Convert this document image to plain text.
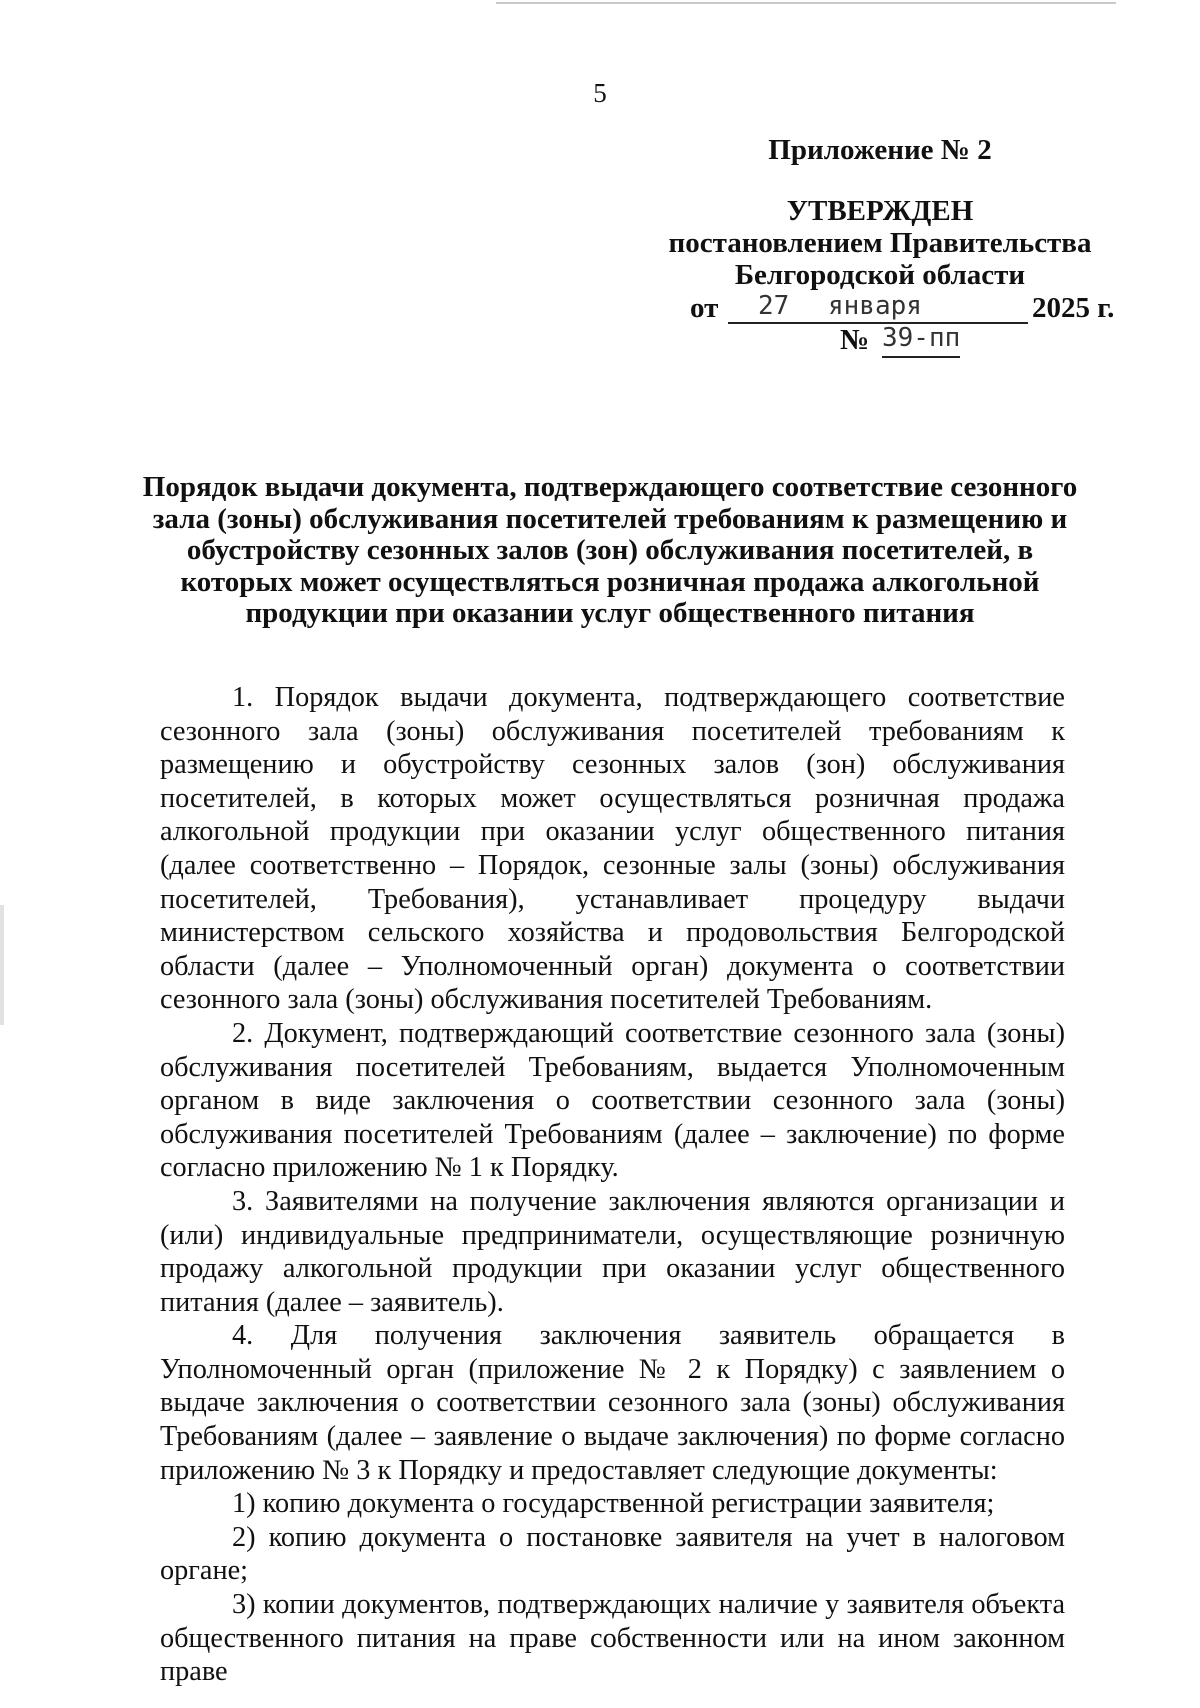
5
Приложение № 2
УТВЕРЖДЕН
постановлением Правительства
Белгородской области
от 27 января	2025 г.
№ 39-пп
Порядок выдачи документа, подтверждающего соответствие сезонного зала (зоны) обслуживания посетителей требованиям к размещению и обустройству сезонных залов (зон) обслуживания посетителей, в которых может осуществляться розничная продажа алкогольной продукции при оказании услуг общественного питания

1. Порядок выдачи документа, подтверждающего соответствие сезонного зала (зоны) обслуживания посетителей требованиям к размещению и обустройству сезонных залов (зон) обслуживания посетителей, в которых может осуществляться розничная продажа алкогольной продукции при оказании услуг общественного питания (далее соответственно – Порядок, сезонные залы (зоны) обслуживания посетителей, Требования), устанавливает процедуру выдачи министерством сельского хозяйства и продовольствия Белгородской области (далее – Уполномоченный орган) документа о соответствии сезонного зала (зоны) обслуживания посетителей Требованиям.

2. Документ, подтверждающий соответствие сезонного зала (зоны) обслуживания посетителей Требованиям, выдается Уполномоченным органом в виде заключения о соответствии сезонного зала (зоны) обслуживания посетителей Требованиям (далее – заключение) по форме согласно приложению № 1 к Порядку.

3. Заявителями на получение заключения являются организации и (или) индивидуальные предприниматели, осуществляющие розничную продажу алкогольной продукции при оказании услуг общественного питания (далее – заявитель).

4. Для получения заключения заявитель обращается в Уполномоченный орган (приложение № 2 к Порядку) с заявлением о выдаче заключения о соответствии сезонного зала (зоны) обслуживания Требованиям (далее – заявление о выдаче заключения) по форме согласно приложению № 3 к Порядку и предоставляет следующие документы:

1) копию документа о государственной регистрации заявителя;

2) копию документа о постановке заявителя на учет в налоговом органе;

3) копии документов, подтверждающих наличие у заявителя объекта общественного питания на праве собственности или на ином законном праве
